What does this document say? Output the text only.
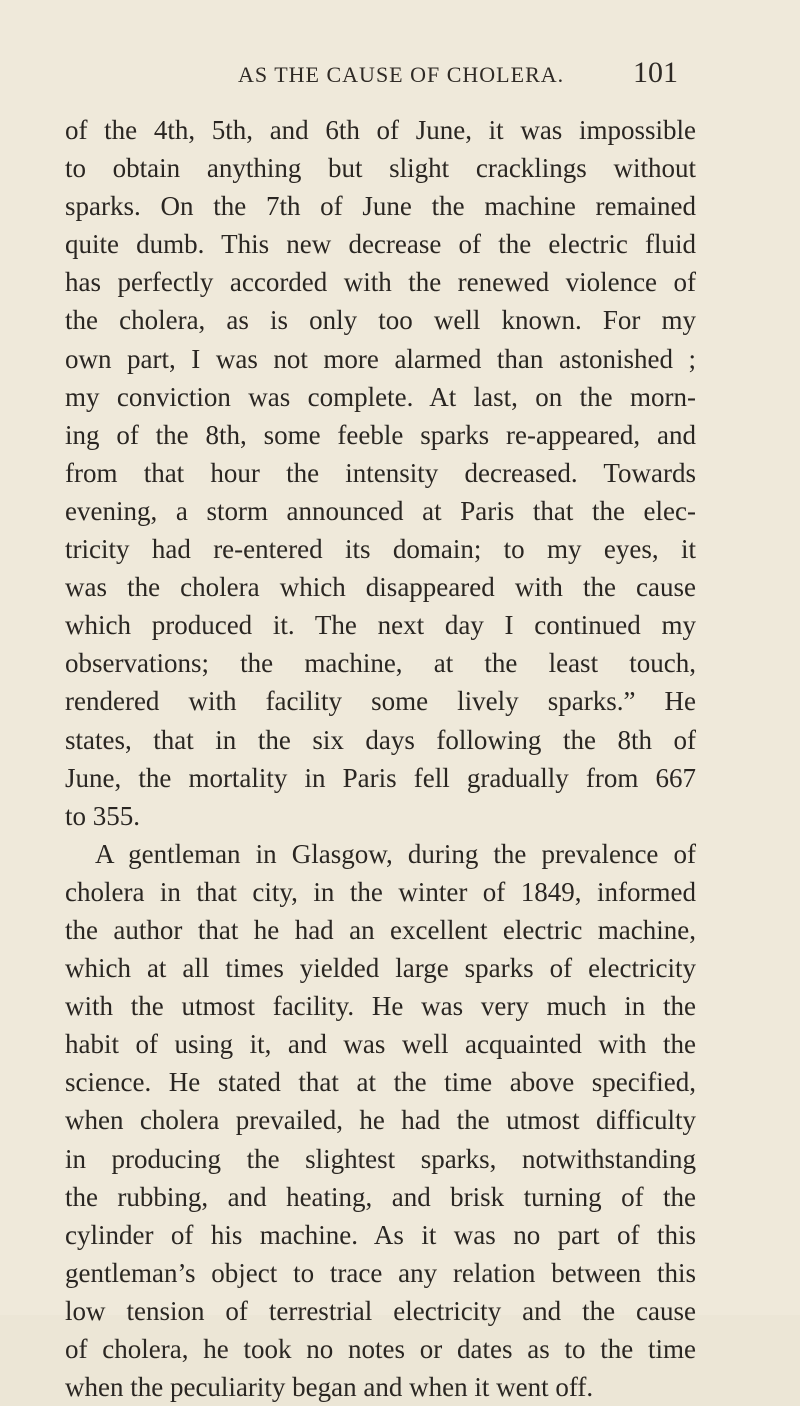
AS THE CAUSE OF CHOLERA. 101
of the 4th, 5th, and 6th of June, it was impossible
to obtain anything but slight cracklings without
sparks. On the 7th of June the machine remained
quite dumb. This new decrease of the electric fluid
has perfectly accorded with the renewed violence of
the cholera, as is only too well known. For my
own part, I was not more alarmed than astonished ;
my conviction was complete. At last, on the morn-
ing of the 8th, some feeble sparks re-appeared, and
from that hour the intensity decreased. Towards
evening, a storm announced at Paris that the elec-
tricity had re-entered its domain; to my eyes, it
was the cholera which disappeared with the cause
which produced it. The next day I continued my
observations; the machine, at the least touch,
rendered with facility some lively sparks.” He
states, that in the six days following the 8th of
June, the mortality in Paris fell gradually from 667
to 355.
A gentleman in Glasgow, during the prevalence of
cholera in that city, in the winter of 1849, informed
the author that he had an excellent electric machine,
which at all times yielded large sparks of electricity
with the utmost facility. He was very much in the
habit of using it, and was well acquainted with the
science. He stated that at the time above specified,
when cholera prevailed, he had the utmost difficulty
in producing the slightest sparks, notwithstanding
the rubbing, and heating, and brisk turning of the
cylinder of his machine. As it was no part of this
gentleman’s object to trace any relation between this
low tension of terrestrial electricity and the cause
of cholera, he took no notes or dates as to the time
when the peculiarity began and when it went off.
